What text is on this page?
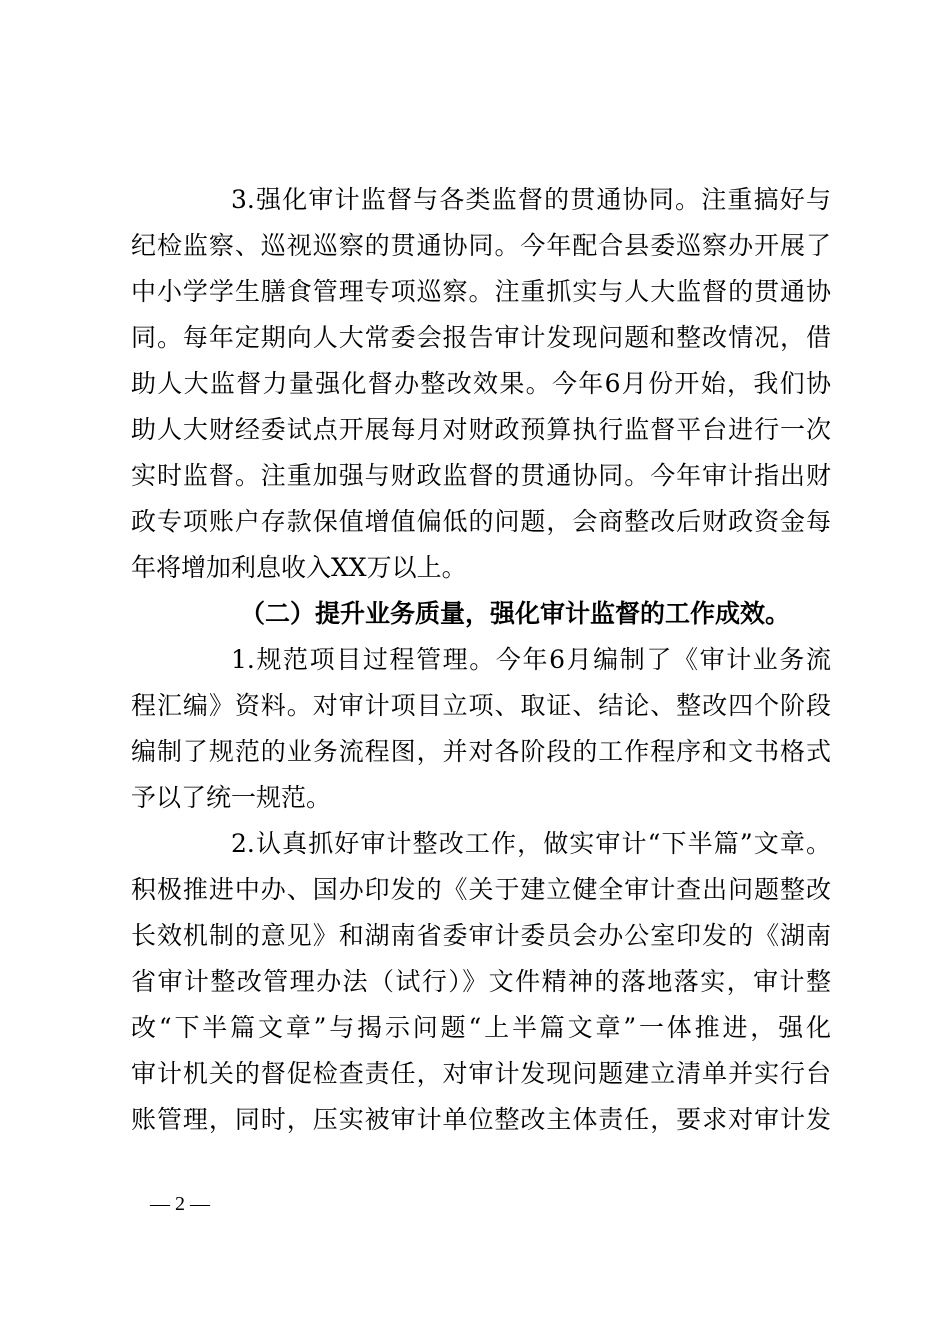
3.强化审计监督与各类监督的贯通协同。注重搞好与
纪检监察、巡视巡察的贯通协同。今年配合县委巡察办开展了
中小学学生膳食管理专项巡察。注重抓实与人大监督的贯通协
同。每年定期向人大常委会报告审计发现问题和整改情况，借
助人大监督力量强化督办整改效果。今年6月份开始，我们协
助人大财经委试点开展每月对财政预算执行监督平台进行一次
实时监督。注重加强与财政监督的贯通协同。今年审计指出财
政专项账户存款保值增值偏低的问题，会商整改后财政资金每
年将增加利息收入XX万以上。
（二）提升业务质量，强化审计监督的工作成效。
1.规范项目过程管理。今年6月编制了《审计业务流
程汇编》资料。对审计项目立项、取证、结论、整改四个阶段
编制了规范的业务流程图，并对各阶段的工作程序和文书格式
予以了统一规范。
2.认真抓好审计整改工作，做实审计“下半篇”文章。
积极推进中办、国办印发的《关于建立健全审计查出问题整改
长效机制的意见》和湖南省委审计委员会办公室印发的《湖南
省审计整改管理办法（试行）》文件精神的落地落实，审计整
改“下半篇文章”与揭示问题“上半篇文章”一体推进，强化
审计机关的督促检查责任，对审计发现问题建立清单并实行台
账管理，同时，压实被审计单位整改主体责任，要求对审计发
— 2 —
